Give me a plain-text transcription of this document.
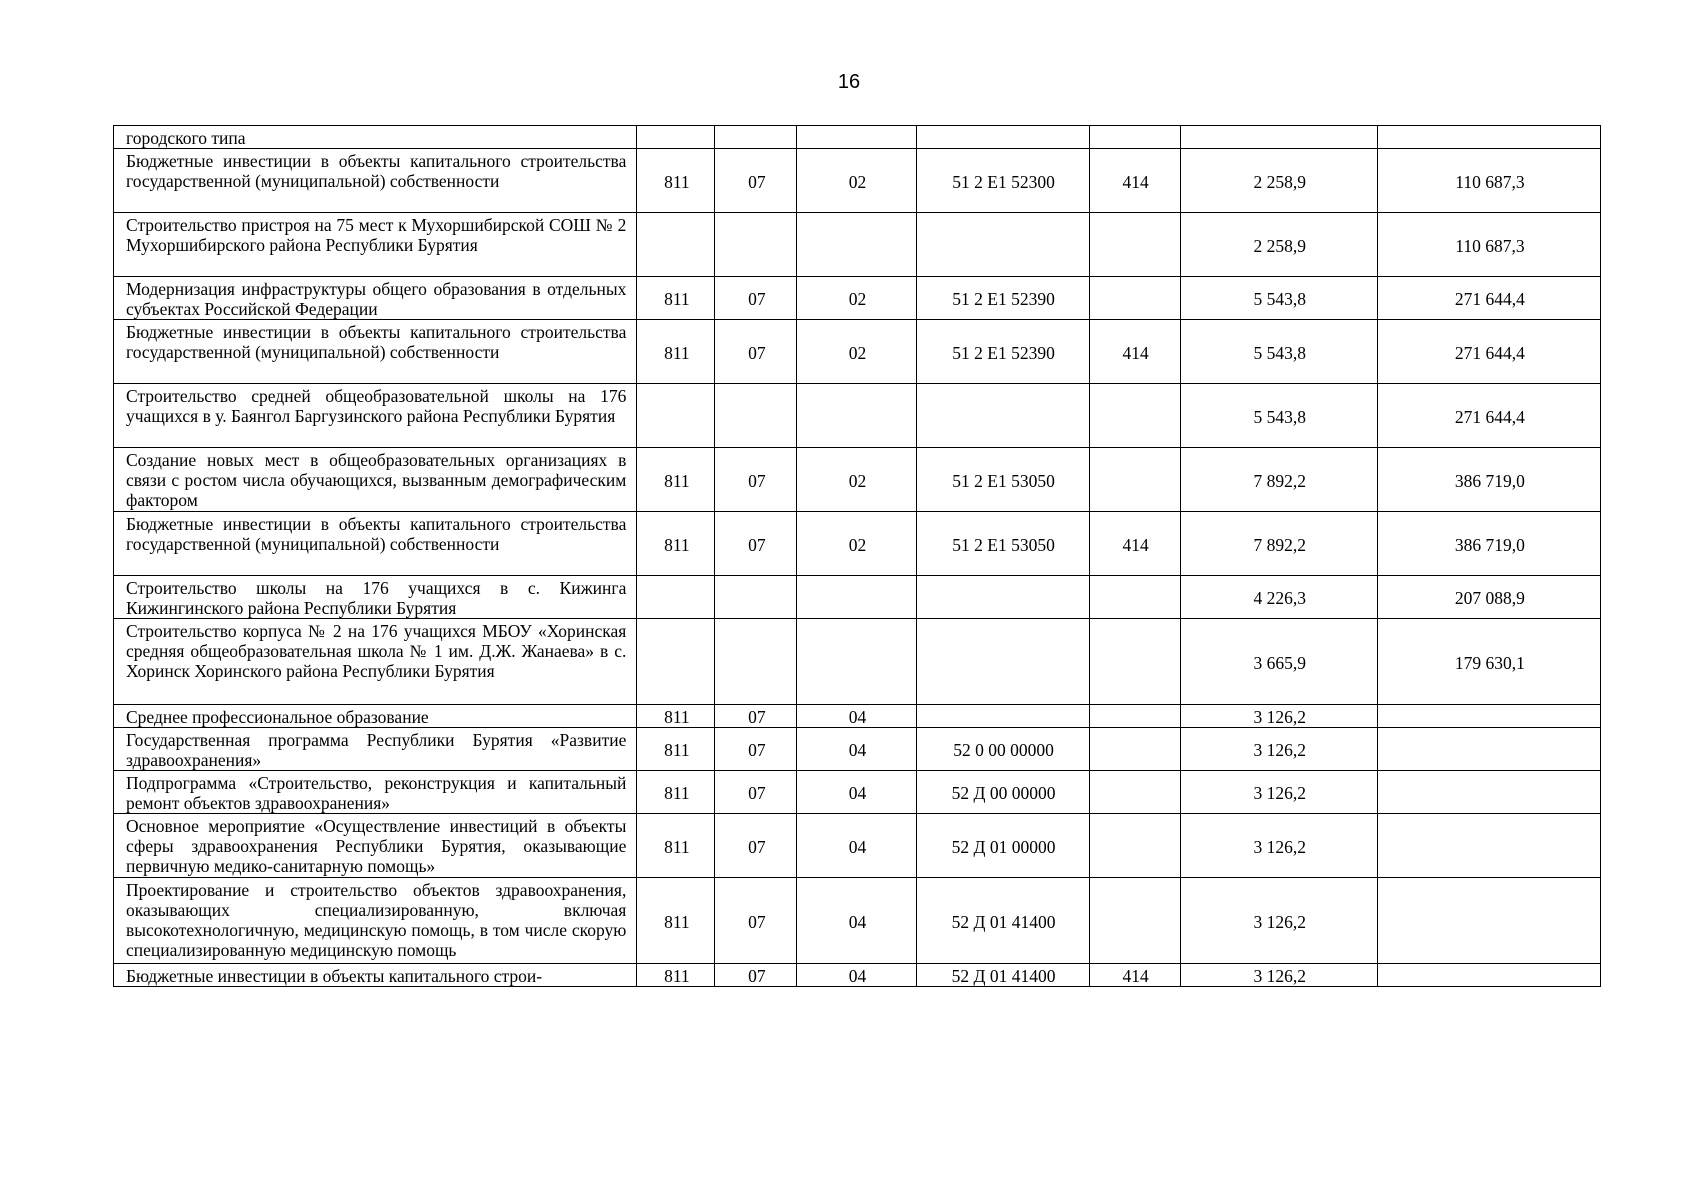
16
городского типа							
Бюджетные инвестиции в объекты капитального строительства государственной (муниципальной) собственности	811	07	02	51 2 E1 52300	414	2 258,9	110 687,3
Строительство пристроя на 75 мест к Мухоршибирской СОШ № 2 Мухоршибирского района Республики Бурятия						2 258,9	110 687,3
Модернизация инфраструктуры общего образования в отдельных субъектах Российской Федерации	811	07	02	51 2 E1 52390		5 543,8	271 644,4
Бюджетные инвестиции в объекты капитального строительства государственной (муниципальной) собственности	811	07	02	51 2 E1 52390	414	5 543,8	271 644,4
Строительство средней общеобразовательной школы на 176 учащихся в у. Баянгол Баргузинского района Республики Бурятия						5 543,8	271 644,4
Создание новых мест в общеобразовательных организациях в связи с ростом числа обучающихся, вызванным демографическим фактором	811	07	02	51 2 E1 53050		7 892,2	386 719,0
Бюджетные инвестиции в объекты капитального строительства государственной (муниципальной) собственности	811	07	02	51 2 E1 53050	414	7 892,2	386 719,0
Строительство школы на 176 учащихся в с. Кижинга Кижингинского района Республики Бурятия						4 226,3	207 088,9
Строительство корпуса № 2 на 176 учащихся МБОУ «Хоринская средняя общеобразовательная школа № 1 им. Д.Ж. Жанаева» в с. Хоринск Хоринского района Республики Бурятия						3 665,9	179 630,1
Среднее профессиональное образование	811	07	04			3 126,2	
Государственная программа Республики Бурятия «Развитие здравоохранения»	811	07	04	52 0 00 00000		3 126,2	
Подпрограмма «Строительство, реконструкция и капитальный ремонт объектов здравоохранения»	811	07	04	52 Д 00 00000		3 126,2	
Основное мероприятие «Осуществление инвестиций в объекты сферы здравоохранения Республики Бурятия, оказывающие первичную медико-санитарную помощь»	811	07	04	52 Д 01 00000		3 126,2	
Проектирование и строительство объектов здравоохранения, оказывающих специализированную, включая высокотехнологичную, медицинскую помощь, в том числе скорую специализированную медицинскую помощь	811	07	04	52 Д 01 41400		3 126,2	
Бюджетные инвестиции в объекты капитального строи-	811	07	04	52 Д 01 41400	414	3 126,2	
